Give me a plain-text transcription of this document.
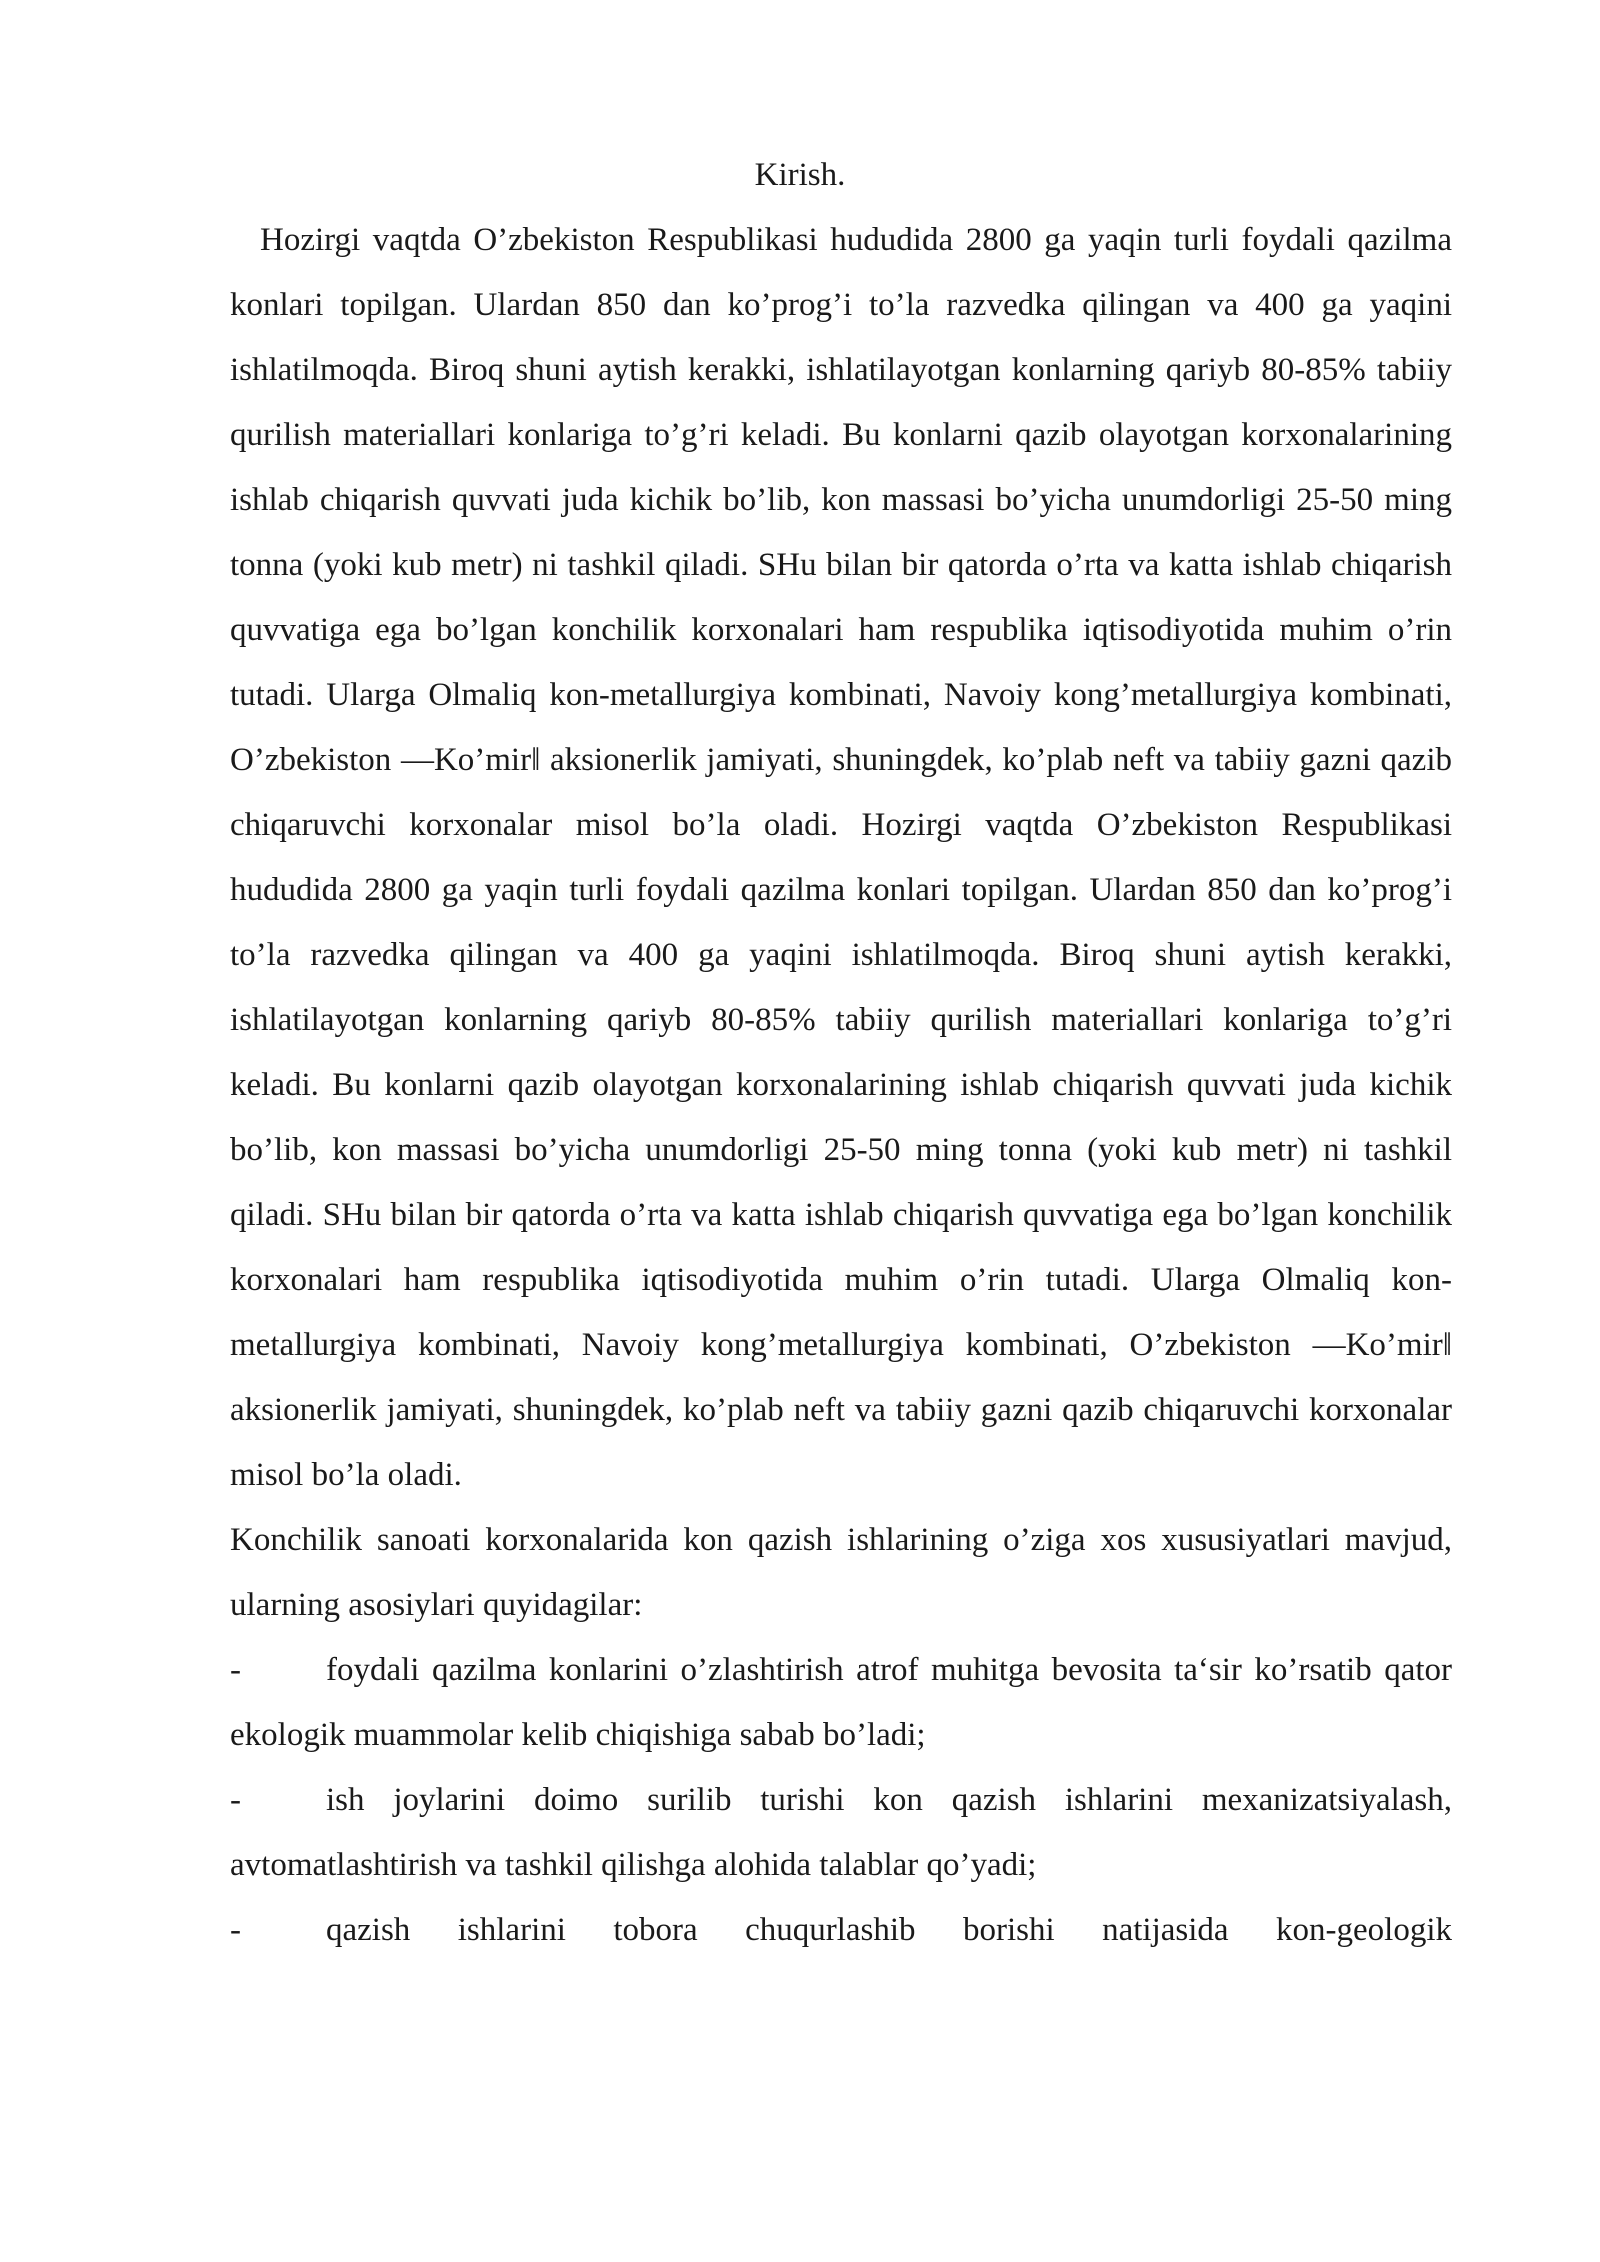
Kirish.

Hozirgi vaqtda O’zbekiston Respublikasi hududida 2800 ga yaqin turli foydali qazilma konlari topilgan. Ulardan 850 dan ko’prog’i to’la razvedka qilingan va 400 ga yaqini ishlatilmoqda. Biroq shuni aytish kerakki, ishlatilayotgan konlarning qariyb 80-85% tabiiy qurilish materiallari konlariga to’g’ri keladi. Bu konlarni qazib olayotgan korxonalarining ishlab chiqarish quvvati juda kichik bo’lib, kon massasi bo’yicha unumdorligi 25-50 ming tonna (yoki kub metr) ni tashkil qiladi. SHu bilan bir qatorda o’rta va katta ishlab chiqarish quvvatiga ega bo’lgan konchilik korxonalari ham respublika iqtisodiyotida muhim o’rin tutadi. Ularga Olmaliq kon-metallurgiya kombinati, Navoiy kong’metallurgiya kombinati, O’zbekiston ―Ko’mir‖ aksionerlik jamiyati, shuningdek, ko’plab neft va tabiiy gazni qazib chiqaruvchi korxonalar misol bo’la oladi. Hozirgi vaqtda O’zbekiston Respublikasi hududida 2800 ga yaqin turli foydali qazilma konlari topilgan. Ulardan 850 dan ko’prog’i to’la razvedka qilingan va 400 ga yaqini ishlatilmoqda. Biroq shuni aytish kerakki, ishlatilayotgan konlarning qariyb 80-85% tabiiy qurilish materiallari konlariga to’g’ri keladi. Bu konlarni qazib olayotgan korxonalarining ishlab chiqarish quvvati juda kichik bo’lib, kon massasi bo’yicha unumdorligi 25-50 ming tonna (yoki kub metr) ni tashkil qiladi. SHu bilan bir qatorda o’rta va katta ishlab chiqarish quvvatiga ega bo’lgan konchilik korxonalari ham respublika iqtisodiyotida muhim o’rin tutadi. Ularga Olmaliq kon-metallurgiya kombinati, Navoiy kong’metallurgiya kombinati, O’zbekiston ―Ko’mir‖ aksionerlik jamiyati, shuningdek, ko’plab neft va tabiiy gazni qazib chiqaruvchi korxonalar misol bo’la oladi.

Konchilik sanoati korxonalarida kon qazish ishlarining o’ziga xos xususiyatlari mavjud, ularning asosiylari quyidagilar:

-	foydali qazilma konlarini o’zlashtirish atrof muhitga bevosita ta‘sir ko’rsatib qator ekologik muammolar kelib chiqishiga sabab bo’ladi;

-	ish joylarini doimo surilib turishi kon qazish ishlarini mexanizatsiyalash, avtomatlashtirish va tashkil qilishga alohida talablar qo’yadi;

-	qazish ishlarini tobora chuqurlashib borishi natijasida kon-geologik
